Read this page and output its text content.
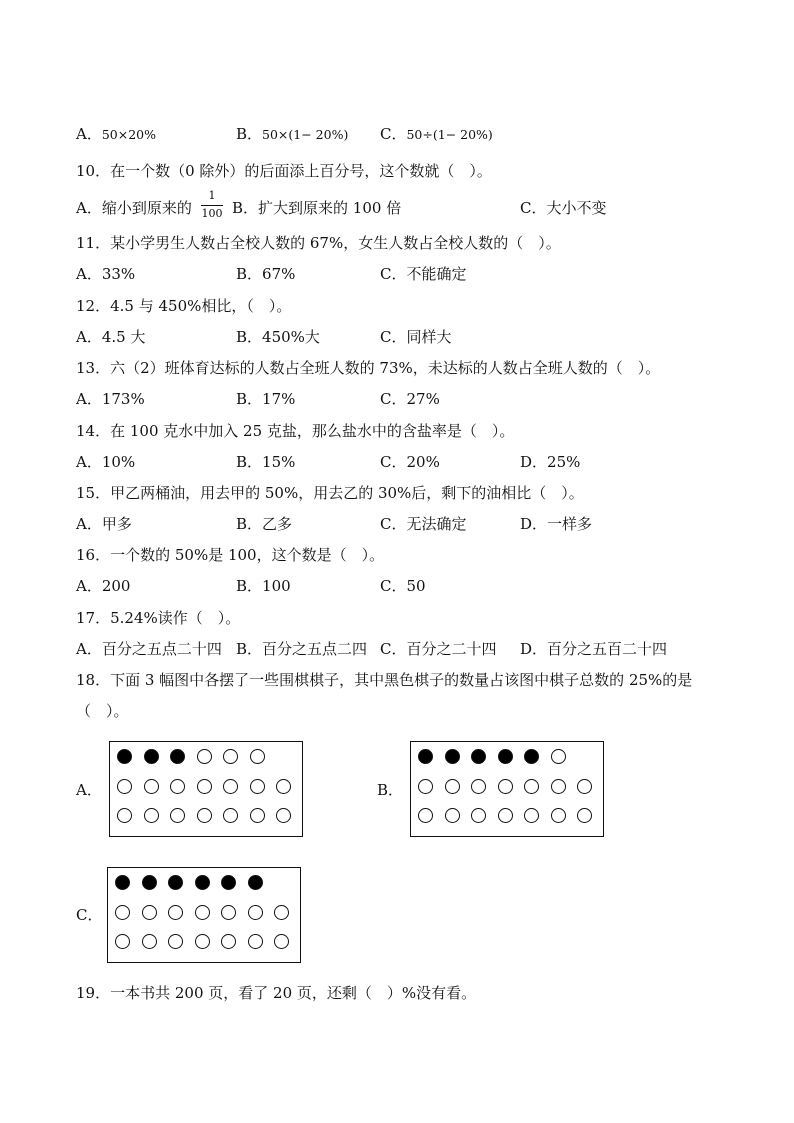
A．50×20%	B．50×(1− 20%) C．50÷(1− 20%)
10．在一个数（0 除外）的后面添上百分号，这个数就（　）。
A．缩小到原来的
1
100 B．扩大到原来的 100 倍	C．大小不变
11．某小学男生人数占全校人数的 67%，女生人数占全校人数的（　）。
A．33%	B．67%	C．不能确定
12．4.5 与 450%相比，（　）。
A．4.5 大	B．450%大	C．同样大
13．六（2）班体育达标的人数占全班人数的 73%，未达标的人数占全班人数的（　）。
A．173%	B．17%	C．27%
14．在 100 克水中加入 25 克盐，那么盐水中的含盐率是（　）。
A．10%	B．15%	C．20%	D．25%
15．甲乙两桶油，用去甲的 50%，用去乙的 30%后，剩下的油相比（　）。
A．甲多	B．乙多	C．无法确定	D．一样多
16．一个数的 50%是 100，这个数是（　）。
A．200	B．100	C．50
17．5.24%读作（　）。
A．百分之五点二十四 B．百分之五点二四 C．百分之二十四 D．百分之五百二十四
18．下面 3 幅图中各摆了一些围棋棋子，其中黑色棋子的数量占该图中棋子总数的 25%的是
（　）。
A．	B．
C．
19．一本书共 200 页，看了 20 页，还剩（　）%没有看。
